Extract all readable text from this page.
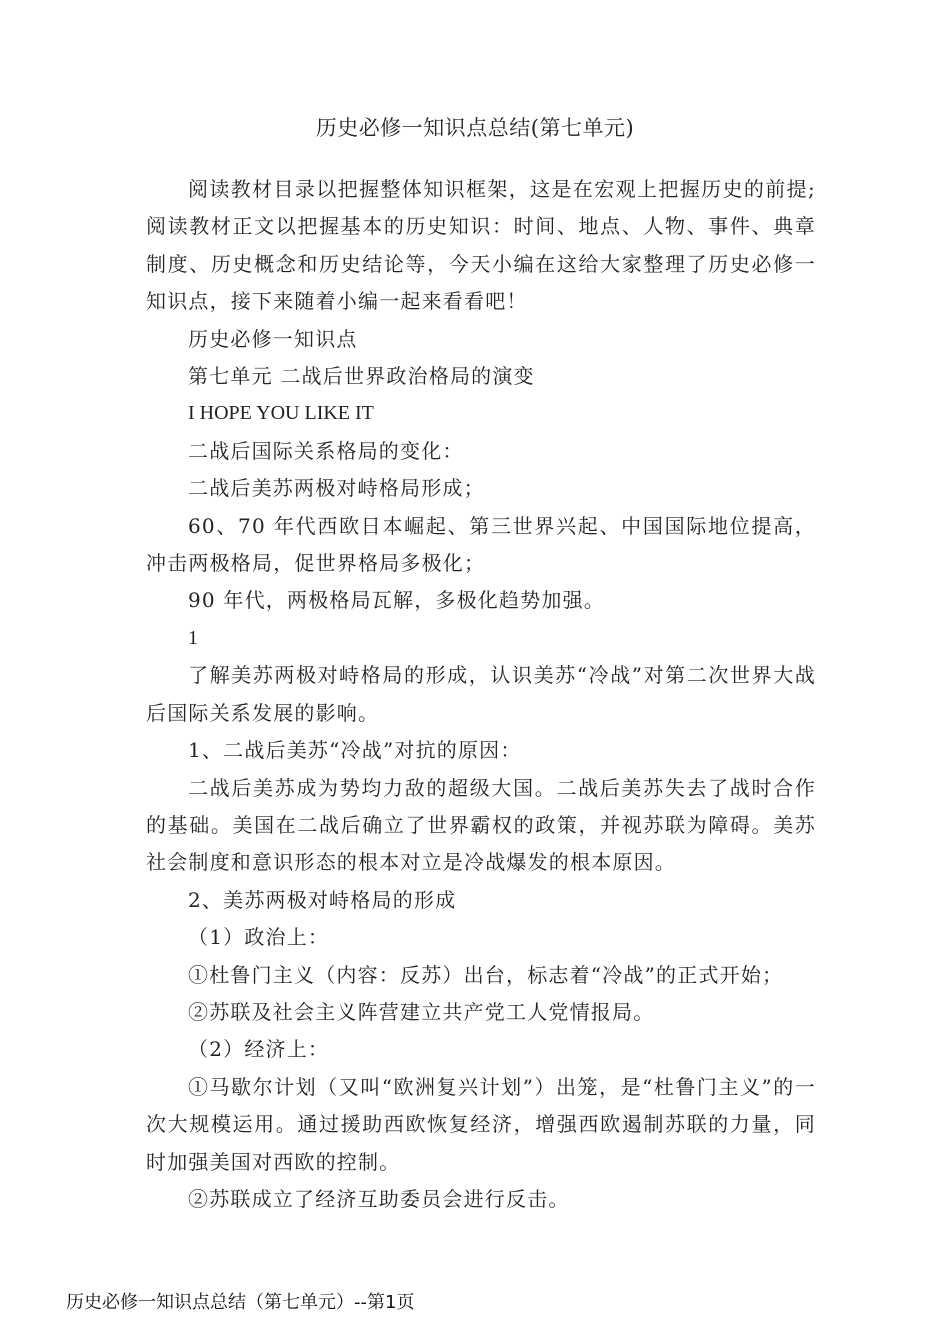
历史必修一知识点总结(第七单元)

阅读教材目录以把握整体知识框架，这是在宏观上把握历史的前提;阅读教材正文以把握基本的历史知识：时间、地点、人物、事件、典章制度、历史概念和历史结论等，今天小编在这给大家整理了历史必修一知识点，接下来随着小编一起来看看吧！

历史必修一知识点

第七单元 二战后世界政治格局的演变

I HOPE YOU LIKE IT

二战后国际关系格局的变化：

二战后美苏两极对峙格局形成；

60、70 年代西欧日本崛起、第三世界兴起、中国国际地位提高，冲击两极格局，促世界格局多极化；

90 年代，两极格局瓦解，多极化趋势加强。

1

了解美苏两极对峙格局的形成，认识美苏“冷战”对第二次世界大战后国际关系发展的影响。

1、二战后美苏“冷战”对抗的原因：

二战后美苏成为势均力敌的超级大国。二战后美苏失去了战时合作的基础。美国在二战后确立了世界霸权的政策，并视苏联为障碍。美苏社会制度和意识形态的根本对立是冷战爆发的根本原因。

2、美苏两极对峙格局的形成

（1）政治上：

①杜鲁门主义（内容：反苏）出台，标志着“冷战”的正式开始；

②苏联及社会主义阵营建立共产党工人党情报局。

（2）经济上：

①马歇尔计划（又叫“欧洲复兴计划”）出笼，是“杜鲁门主义”的一次大规模运用。通过援助西欧恢复经济，增强西欧遏制苏联的力量，同时加强美国对西欧的控制。

②苏联成立了经济互助委员会进行反击。

历史必修一知识点总结（第七单元）--第1页
